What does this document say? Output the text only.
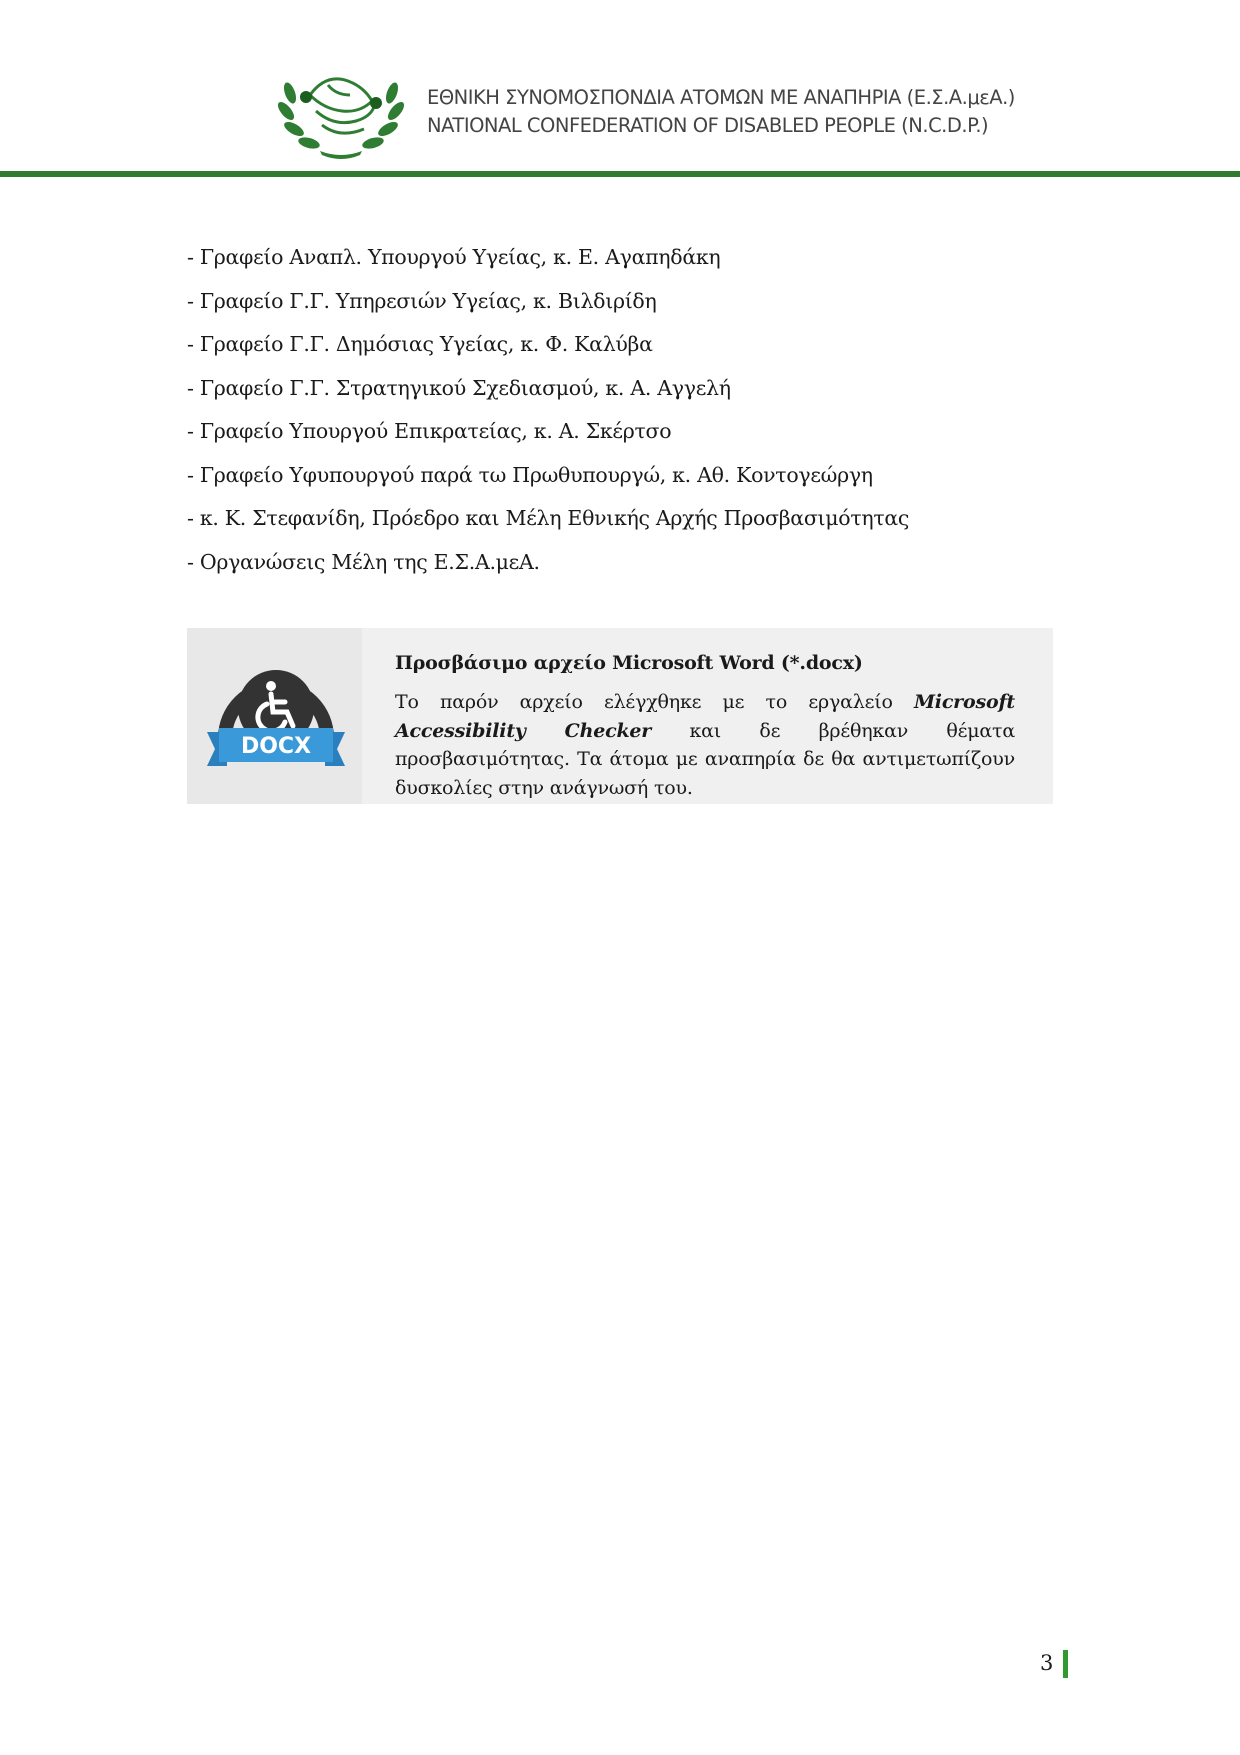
ΕΘΝΙΚΗ ΣΥΝΟΜΟΣΠΟΝΔΙΑ ΑΤΟΜΩΝ ΜΕ ΑΝΑΠΗΡΙΑ (Ε.Σ.Α.μεΑ.)
NATIONAL CONFEDERATION OF DISABLED PEOPLE (N.C.D.P.)
- Γραφείο Αναπλ. Υπουργού Υγείας, κ. Ε. Αγαπηδάκη
- Γραφείο Γ.Γ. Υπηρεσιών Υγείας, κ. Βιλδιρίδη
- Γραφείο Γ.Γ. Δημόσιας Υγείας, κ. Φ. Καλύβα
- Γραφείο Γ.Γ. Στρατηγικού Σχεδιασμού, κ. Α. Αγγελή
- Γραφείο Υπουργού Επικρατείας, κ. Α. Σκέρτσο
- Γραφείο Υφυπουργού παρά τω Πρωθυπουργώ, κ. Αθ. Κοντογεώργη
- κ. Κ. Στεφανίδη, Πρόεδρο και Μέλη Εθνικής Αρχής Προσβασιμότητας
- Οργανώσεις Μέλη της Ε.Σ.Α.μεΑ.
DOCX

Προσβάσιμο αρχείο Microsoft Word (*.docx)

Το παρόν αρχείο ελέγχθηκε με το εργαλείο Microsoft Accessibility Checker και δε βρέθηκαν θέματα προσβασιμότητας. Τα άτομα με αναπηρία δε θα αντιμετωπίζουν δυσκολίες στην ανάγνωσή του.

3
